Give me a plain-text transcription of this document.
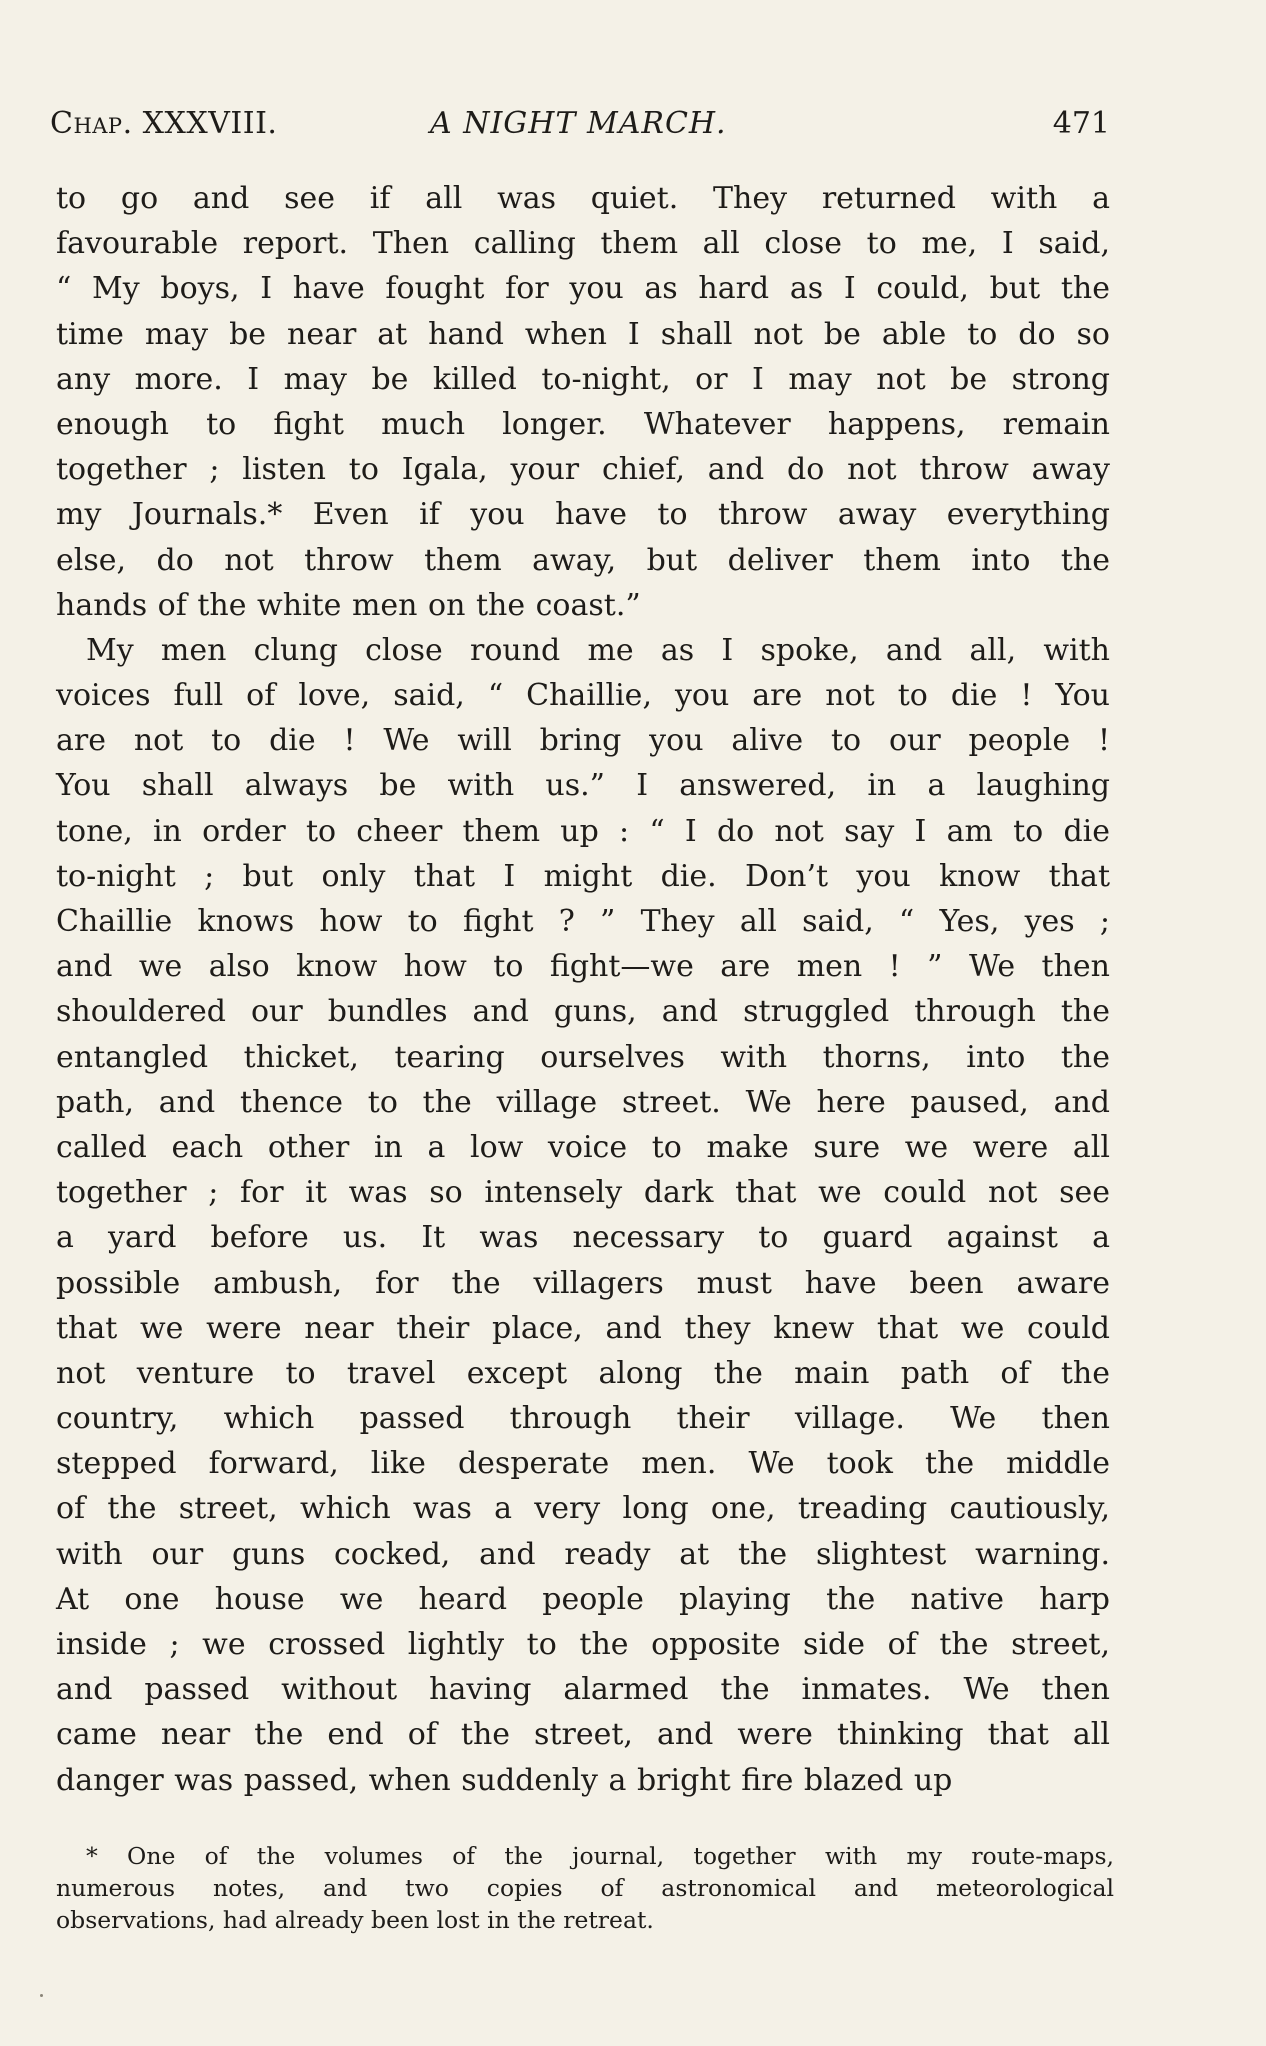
Chap. XXXVIII.	A NIGHT MARCH.	471
to go and see if all was quiet. They returned with a
favourable report. Then calling them all close to me, I said,
“ My boys, I have fought for you as hard as I could, but the
time may be near at hand when I shall not be able to do so
any more. I may be killed to-night, or I may not be strong
enough to fight much longer. Whatever happens, remain
together ; listen to Igala, your chief, and do not throw away
my Journals.* Even if you have to throw away everything
else, do not throw them away, but deliver them into the
hands of the white men on the coast.”
My men clung close round me as I spoke, and all, with
voices full of love, said, “ Chaillie, you are not to die ! You
are not to die ! We will bring you alive to our people !
You shall always be with us.” I answered, in a laughing
tone, in order to cheer them up : “ I do not say I am to die
to-night ; but only that I might die. Don’t you know that
Chaillie knows how to fight ? ” They all said, “ Yes, yes ;
and we also know how to fight—we are men ! ” We then
shouldered our bundles and guns, and struggled through the
entangled thicket, tearing ourselves with thorns, into the
path, and thence to the village street. We here paused, and
called each other in a low voice to make sure we were all
together ; for it was so intensely dark that we could not see
a yard before us. It was necessary to guard against a
possible ambush, for the villagers must have been aware
that we were near their place, and they knew that we could
not venture to travel except along the main path of the
country, which passed through their village. We then
stepped forward, like desperate men. We took the middle
of the street, which was a very long one, treading cautiously,
with our guns cocked, and ready at the slightest warning.
At one house we heard people playing the native harp
inside ; we crossed lightly to the opposite side of the street,
and passed without having alarmed the inmates. We then
came near the end of the street, and were thinking that all
danger was passed, when suddenly a bright fire blazed up
* One of the volumes of the journal, together with my route-maps,
numerous notes, and two copies of astronomical and meteorological
observations, had already been lost in the retreat.
